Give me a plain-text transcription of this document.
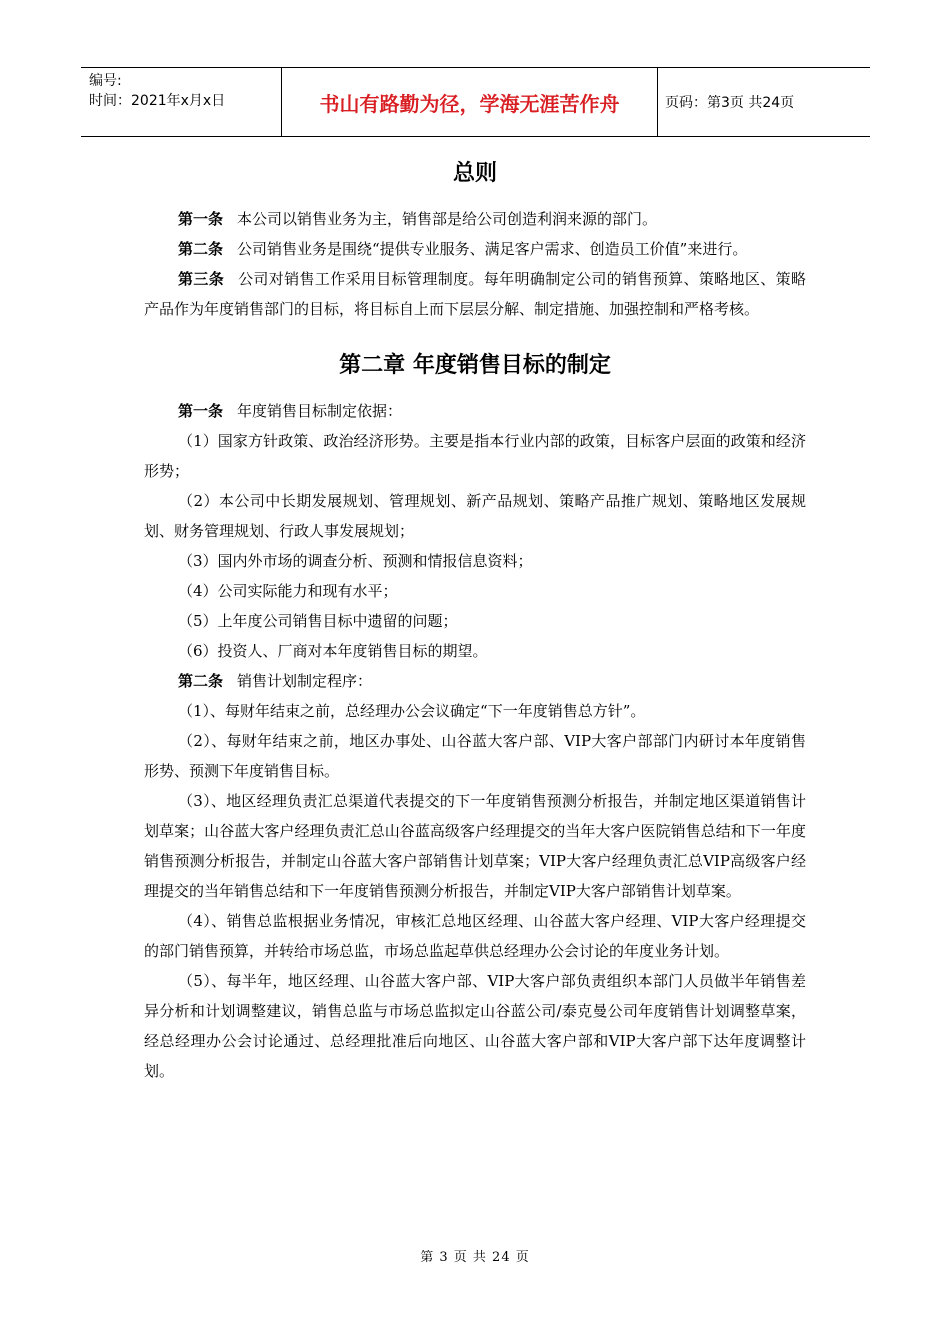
编号:
时间：2021年x月x日	书山有路勤为径，学海无涯苦作舟	页码：第3页 共24页
总则

第一条 本公司以销售业务为主，销售部是给公司创造利润来源的部门。

第二条 公司销售业务是围绕“提供专业服务、满足客户需求、创造员工价值”来进行。

第三条 公司对销售工作采用目标管理制度。每年明确制定公司的销售预算、策略地区、策略产品作为年度销售部门的目标，将目标自上而下层层分解、制定措施、加强控制和严格考核。

第二章 年度销售目标的制定

第一条 年度销售目标制定依据：

（1）国家方针政策、政治经济形势。主要是指本行业内部的政策，目标客户层面的政策和经济形势；

（2）本公司中长期发展规划、管理规划、新产品规划、策略产品推广规划、策略地区发展规划、财务管理规划、行政人事发展规划；

（3）国内外市场的调查分析、预测和情报信息资料；

（4）公司实际能力和现有水平；

（5）上年度公司销售目标中遗留的问题；

（6）投资人、厂商对本年度销售目标的期望。

第二条 销售计划制定程序：

（1）、每财年结束之前，总经理办公会议确定“下一年度销售总方针”。

（2）、每财年结束之前，地区办事处、山谷蓝大客户部、VIP大客户部部门内研讨本年度销售形势、预测下年度销售目标。

（3）、地区经理负责汇总渠道代表提交的下一年度销售预测分析报告，并制定地区渠道销售计划草案；山谷蓝大客户经理负责汇总山谷蓝高级客户经理提交的当年大客户医院销售总结和下一年度销售预测分析报告，并制定山谷蓝大客户部销售计划草案；VIP大客户经理负责汇总VIP高级客户经理提交的当年销售总结和下一年度销售预测分析报告，并制定VIP大客户部销售计划草案。

（4）、销售总监根据业务情况，审核汇总地区经理、山谷蓝大客户经理、VIP大客户经理提交的部门销售预算，并转给市场总监，市场总监起草供总经理办公会讨论的年度业务计划。

（5）、每半年，地区经理、山谷蓝大客户部、VIP大客户部负责组织本部门人员做半年销售差异分析和计划调整建议，销售总监与市场总监拟定山谷蓝公司/泰克曼公司年度销售计划调整草案，经总经理办公会讨论通过、总经理批准后向地区、山谷蓝大客户部和VIP大客户部下达年度调整计划。

第 3 页 共 24 页
